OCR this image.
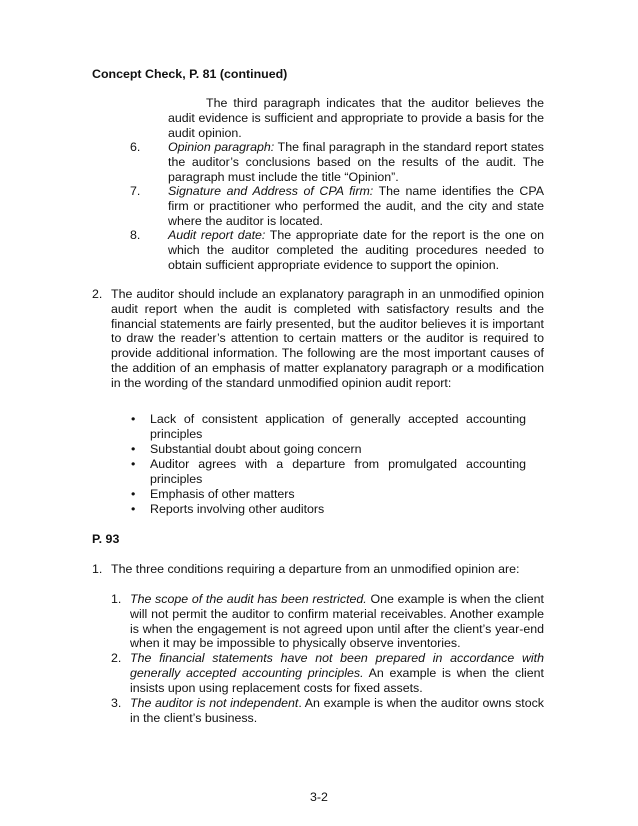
Concept Check, P. 81 (continued)
The third paragraph indicates that the auditor believes the audit evidence is sufficient and appropriate to provide a basis for the audit opinion.
6. Opinion paragraph: The final paragraph in the standard report states the auditor’s conclusions based on the results of the audit. The paragraph must include the title “Opinion”.
7. Signature and Address of CPA firm: The name identifies the CPA firm or practitioner who performed the audit, and the city and state where the auditor is located.
8. Audit report date: The appropriate date for the report is the one on which the auditor completed the auditing procedures needed to obtain sufficient appropriate evidence to support the opinion.
2. The auditor should include an explanatory paragraph in an unmodified opinion audit report when the audit is completed with satisfactory results and the financial statements are fairly presented, but the auditor believes it is important to draw the reader’s attention to certain matters or the auditor is required to provide additional information. The following are the most important causes of the addition of an emphasis of matter explanatory paragraph or a modification in the wording of the standard unmodified opinion audit report:
• Lack of consistent application of generally accepted accounting principles
• Substantial doubt about going concern
• Auditor agrees with a departure from promulgated accounting principles
• Emphasis of other matters
• Reports involving other auditors
P. 93
1. The three conditions requiring a departure from an unmodified opinion are:
1. The scope of the audit has been restricted. One example is when the client will not permit the auditor to confirm material receivables. Another example is when the engagement is not agreed upon until after the client’s year-end when it may be impossible to physically observe inventories.
2. The financial statements have not been prepared in accordance with generally accepted accounting principles. An example is when the client insists upon using replacement costs for fixed assets.
3. The auditor is not independent. An example is when the auditor owns stock in the client’s business.
3-2
